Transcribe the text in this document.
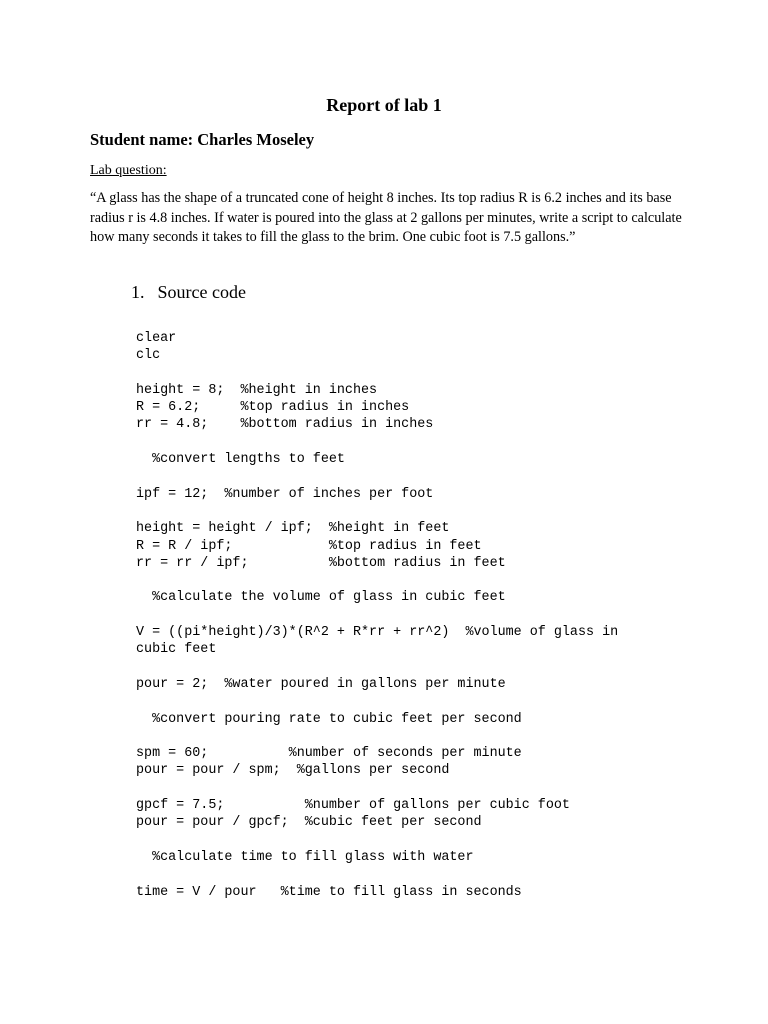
Report of lab 1
Student name: Charles Moseley
Lab question:
“A glass has the shape of a truncated cone of height 8 inches. Its top radius R is 6.2 inches and its base radius r is 4.8 inches. If water is poured into the glass at 2 gallons per minutes, write a script to calculate how many seconds it takes to fill the glass to the brim. One cubic foot is 7.5 gallons.”
1. Source code
clear
clc
height = 8;  %height in inches
R = 6.2;     %top radius in inches
rr = 4.8;    %bottom radius in inches
%convert lengths to feet
ipf = 12;  %number of inches per foot
height = height / ipf;  %height in feet
R = R / ipf;            %top radius in feet
rr = rr / ipf;          %bottom radius in feet
%calculate the volume of glass in cubic feet
V = ((pi*height)/3)*(R^2 + R*rr + rr^2)  %volume of glass in
cubic feet
pour = 2;  %water poured in gallons per minute
%convert pouring rate to cubic feet per second
spm = 60;          %number of seconds per minute
pour = pour / spm;  %gallons per second
gpcf = 7.5;          %number of gallons per cubic foot
pour = pour / gpcf;  %cubic feet per second
%calculate time to fill glass with water
time = V / pour   %time to fill glass in seconds
